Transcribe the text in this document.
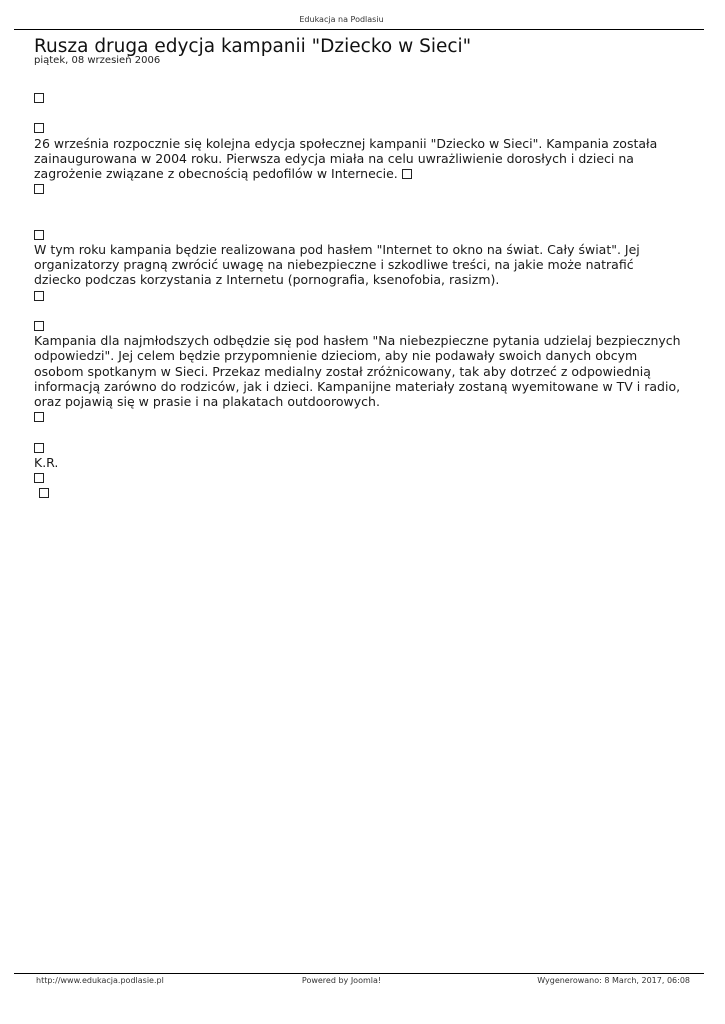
Edukacja na Podlasiu
Rusza druga edycja kampanii "Dziecko w Sieci"
piątek, 08 wrzesień 2006

26 września rozpocznie się kolejna edycja społecznej kampanii "Dziecko w Sieci". Kampania została zainaugurowana w 2004 roku. Pierwsza edycja miała na celu uwrażliwienie dorosłych i dzieci na zagrożenie związane z obecnością pedofilów w Internecie.

W tym roku kampania będzie realizowana pod hasłem "Internet to okno na świat. Cały świat". Jej organizatorzy pragną zwrócić uwagę na niebezpieczne i szkodliwe treści, na jakie może natrafić dziecko podczas korzystania z Internetu (pornografia, ksenofobia, rasizm).

Kampania dla najmłodszych odbędzie się pod hasłem "Na niebezpieczne pytania udzielaj bezpiecznych odpowiedzi". Jej celem będzie przypomnienie dzieciom, aby nie podawały swoich danych obcym osobom spotkanym w Sieci. Przekaz medialny został zróżnicowany, tak aby dotrzeć z odpowiednią informacją zarówno do rodziców, jak i dzieci. Kampanijne materiały zostaną wyemitowane w TV i radio, oraz pojawią się w prasie i na plakatach outdoorowych.

K.R.

http://www.edukacja.podlasie.pl	Powered by Joomla!	Wygenerowano: 8 March, 2017, 06:08
